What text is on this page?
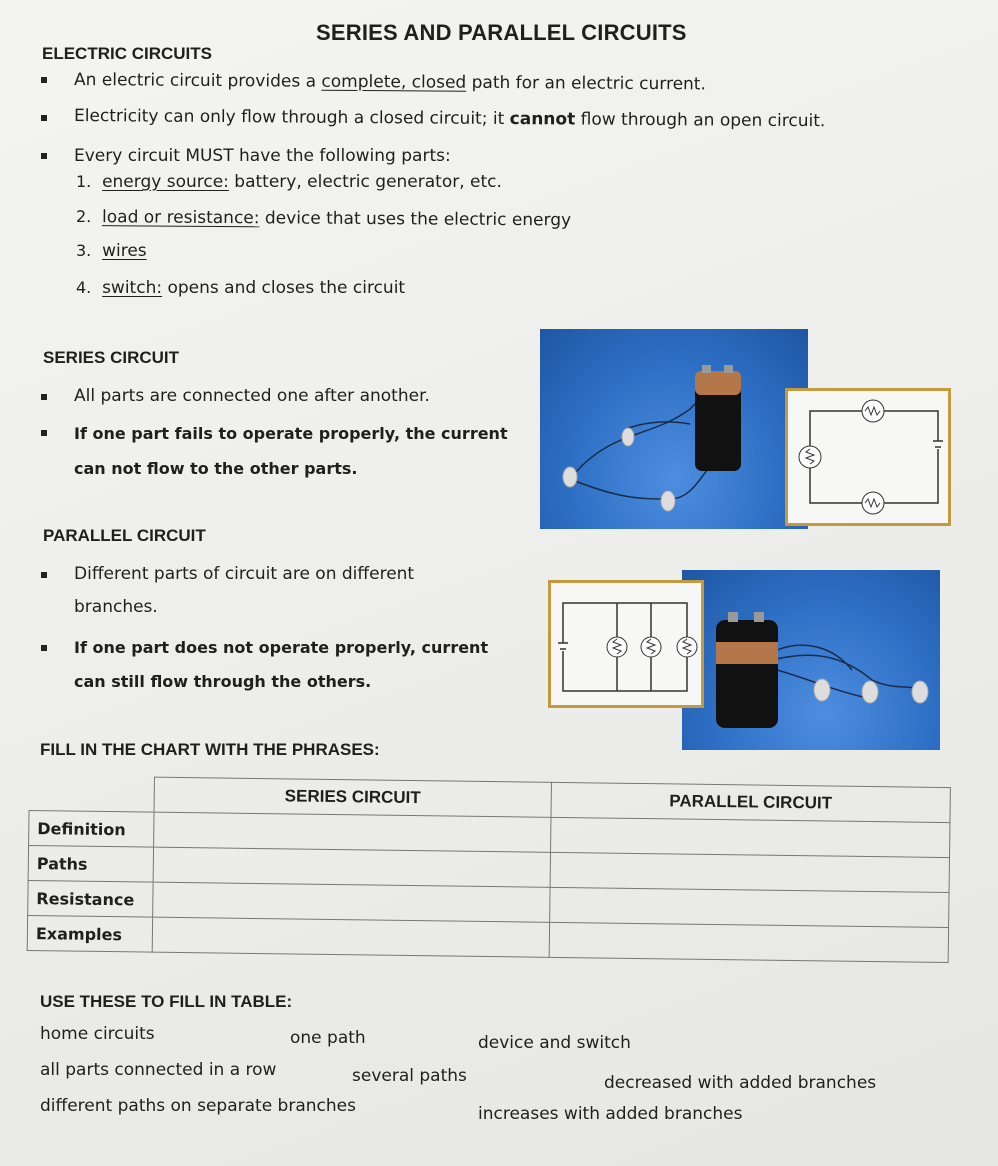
SERIES AND PARALLEL CIRCUITS
ELECTRIC CIRCUITS
An electric circuit provides a complete, closed path for an electric current.
Electricity can only flow through a closed circuit; it cannot flow through an open circuit.
Every circuit MUST have the following parts:
1. energy source: battery, electric generator, etc.
2. load or resistance: device that uses the electric energy
3. wires
4. switch: opens and closes the circuit
SERIES CIRCUIT
All parts are connected one after another.
If one part fails to operate properly, the current
can not flow to the other parts.
PARALLEL CIRCUIT
Different parts of circuit are on different
branches.
If one part does not operate properly, current
can still flow through the others.
FILL IN THE CHART WITH THE PHRASES:
	SERIES CIRCUIT	PARALLEL CIRCUIT
Definition		
Paths		
Resistance		
Examples		
USE THESE TO FILL IN TABLE:
home circuits	one path	device and switch
all parts connected in a row	several paths	decreased with added branches
different paths on separate branches	increases with added branches
